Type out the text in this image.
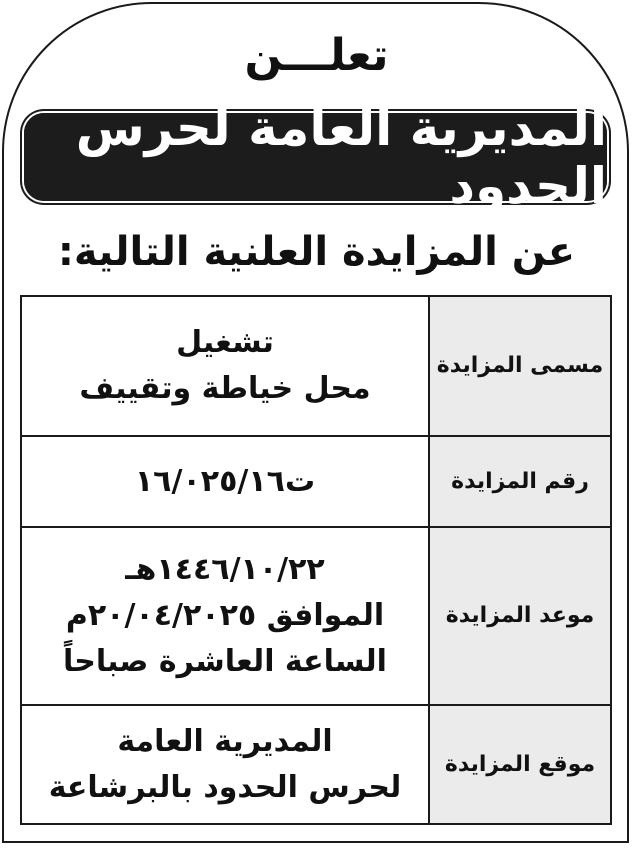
تعلـــن
المديرية العامة لحرس الحدود
عن المزايدة العلنية التالية:
مسمى المزايدة	تشغيل
محل خياطة وتقييف

رقم المزايدة	ت١٦/٠٢٥/١٦

موعد المزايدة	١٤٤٦/١٠/٢٢هـ
الموافق ٢٠/٠٤/٢٠٢٥م
الساعة العاشرة صباحاً

موقع المزايدة	المديرية العامة
لحرس الحدود بالبرشاعة
